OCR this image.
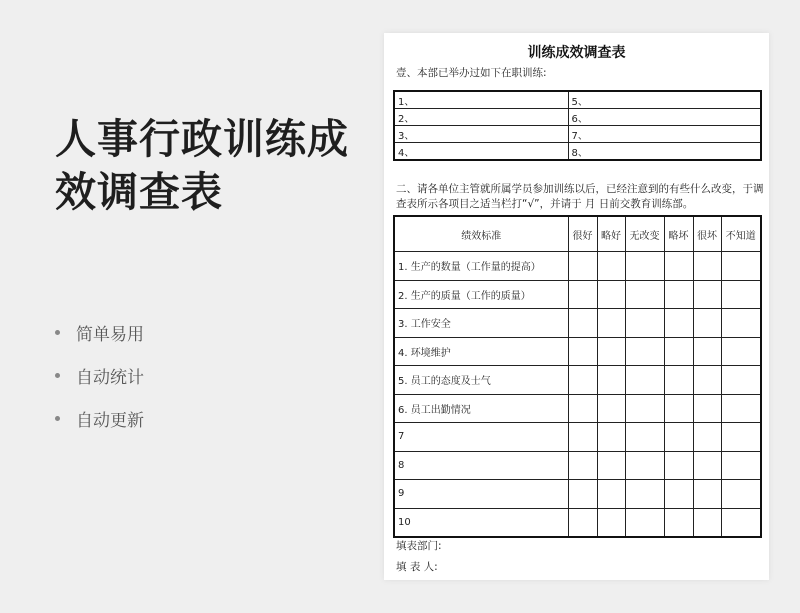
人事行政训练成
效调查表
简单易用
自动统计
自动更新
训练成效调查表
壹、本部已举办过如下在职训练:
1、	5、
2、	6、
3、	7、
4、	8、
二、请各单位主管就所属学员参加训练以后，已经注意到的有些什么改变，于调
查表所示各项目之适当栏打“√”，并请于 月 日前交教育训练部。
绩效标准	很好	略好	无改变	略坏	很坏	不知道
1. 生产的数量（工作量的提高）						
2. 生产的质量（工作的质量）						
3. 工作安全						
4. 环境维护						
5. 员工的态度及士气						
6. 员工出勤情况						
7						
8						
9						
10						
填表部门:
填 表 人:
